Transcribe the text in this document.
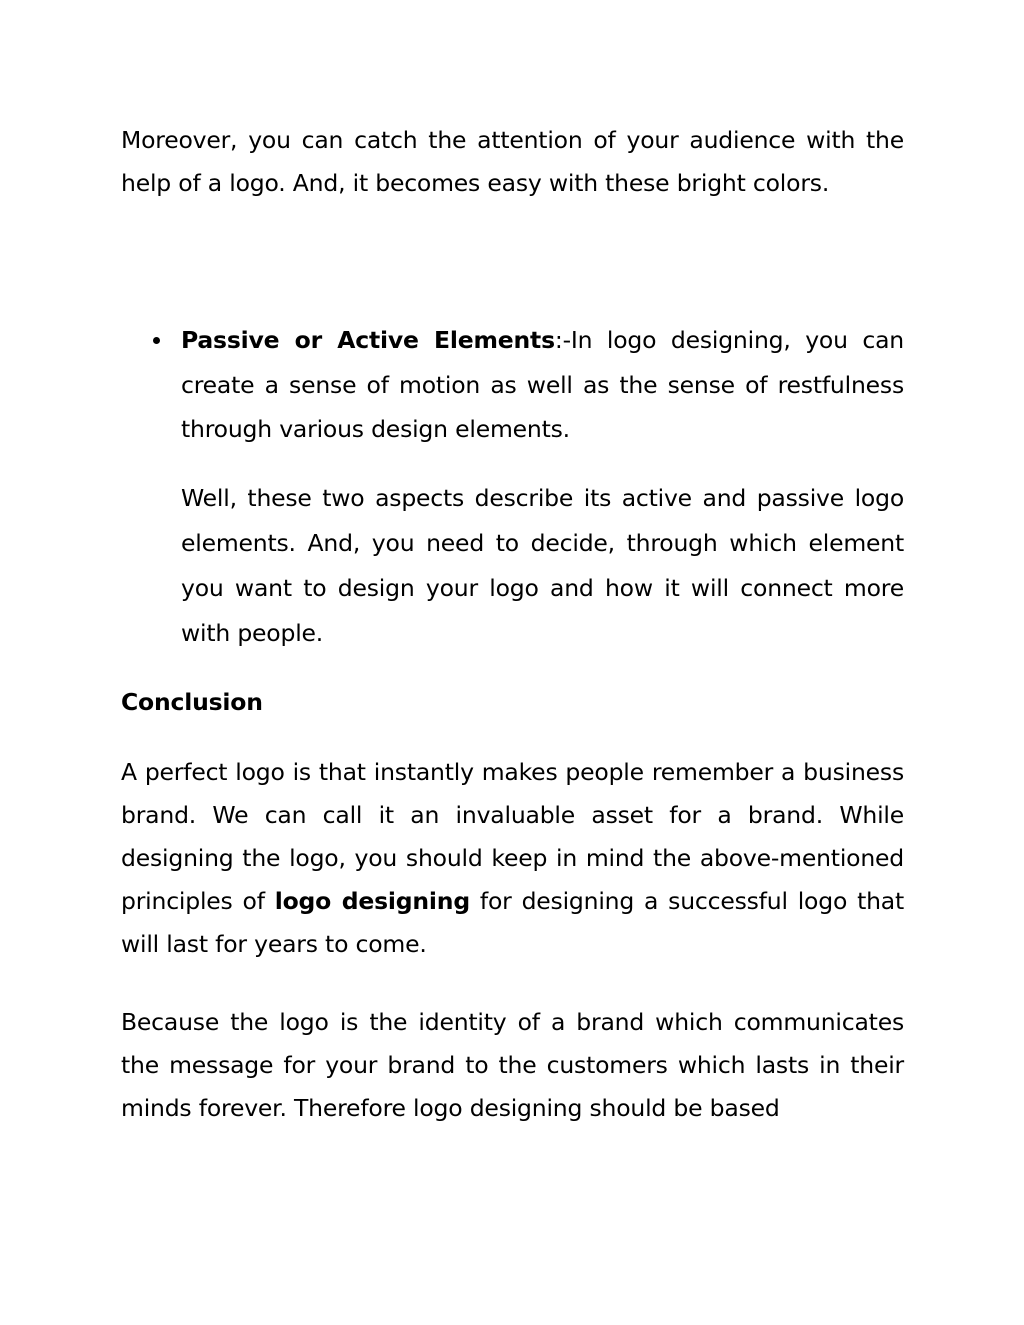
Moreover, you can catch the attention of your audience with the help of a logo. And, it becomes easy with these bright colors.

Passive or Active Elements:-In logo designing, you can create a sense of motion as well as the sense of restfulness through various design elements.

Well, these two aspects describe its active and passive logo elements. And, you need to decide, through which element you want to design your logo and how it will connect more with people.

Conclusion

A perfect logo is that instantly makes people remember a business brand. We can call it an invaluable asset for a brand. While designing the logo, you should keep in mind the above-mentioned principles of logo designing for designing a successful logo that will last for years to come.

Because the logo is the identity of a brand which communicates the message for your brand to the customers which lasts in their minds forever. Therefore logo designing should be based
